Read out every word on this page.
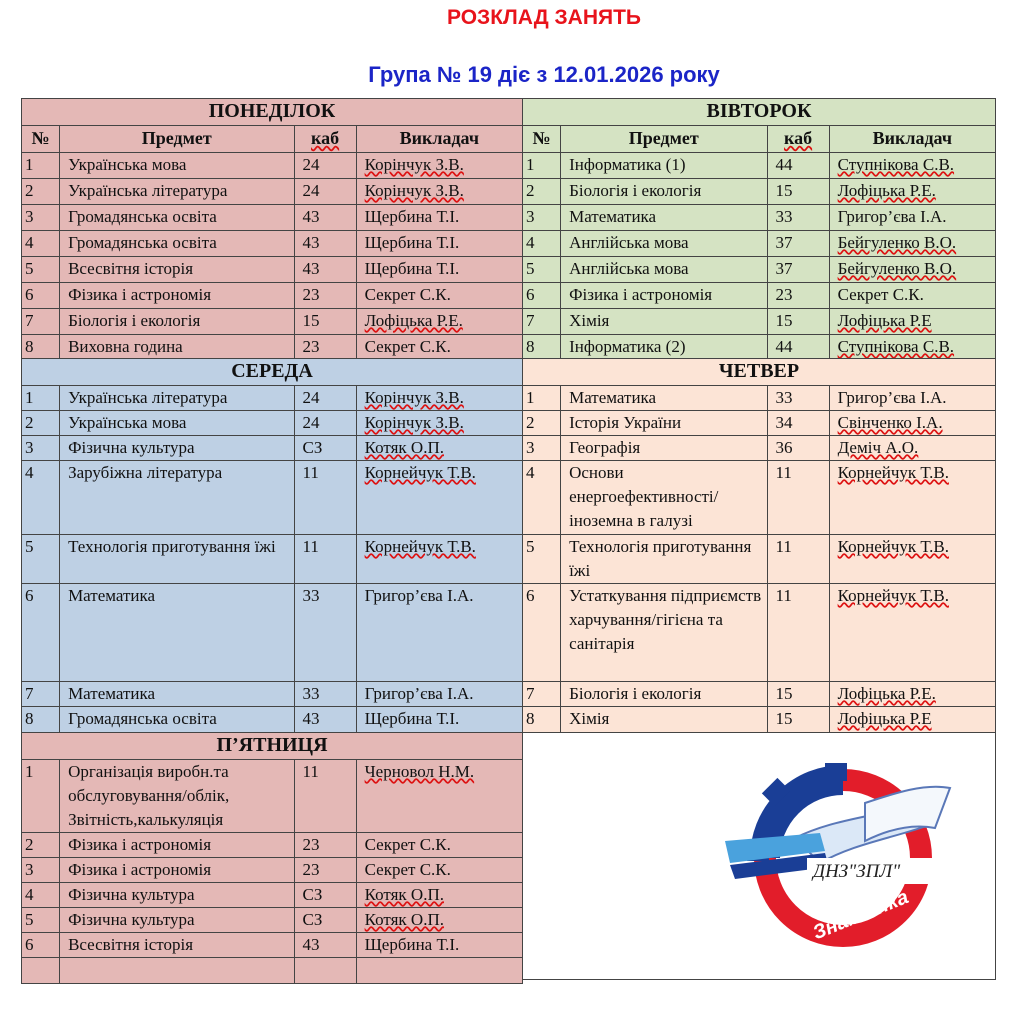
РОЗКЛАД ЗАНЯТЬ
Група № 19 діє з 12.01.2026 року
ПОНЕДІЛОК			
№	Предмет	каб	Викладач
1	Українська мова	24	Корінчук З.В.
2	Українська література	24	Корінчук З.В.
3	Громадянська освіта	43	Щербина Т.І.
4	Громадянська освіта	43	Щербина Т.І.
5	Всесвітня історія	43	Щербина Т.І.
6	Фізика і астрономія	23	Секрет С.К.
7	Біологія і екологія	15	Лофіцька Р.Е.
8	Виховна година	23	Секрет С.К.
ВІВТОРОК			
№	Предмет	каб	Викладач
1	Інформатика (1)	44	Ступнікова С.В.
2	Біологія і екологія	15	Лофіцька Р.Е.
3	Математика	33	Григор’єва І.А.
4	Англійська мова	37	Бейгуленко В.О.
5	Англійська мова	37	Бейгуленко В.О.
6	Фізика і астрономія	23	Секрет С.К.
7	Хімія	15	Лофіцька Р.Е
8	Інформатика (2)	44	Ступнікова С.В.
СЕРЕДА			
1	Українська література	24	Корінчук З.В.
2	Українська мова	24	Корінчук З.В.
3	Фізична культура	СЗ	Котяк О.П.
4	Зарубіжна література	11	Корнейчук Т.В.
5	Технологія приготування їжі	11	Корнейчук Т.В.
6	Математика	33	Григор’єва І.А.
7	Математика	33	Григор’єва І.А.
8	Громадянська освіта	43	Щербина Т.І.
ЧЕТВЕР			
1	Математика	33	Григор’єва І.А.
2	Історія України	34	Свінченко І.А.
3	Географія	36	Деміч А.О.
4	Основи енергоефективності/ іноземна в галузі	11	Корнейчук Т.В.
5	Технологія приготування їжі	11	Корнейчук Т.В.
6	Устаткування підприємств харчування/гігієна та санітарія	11	Корнейчук Т.В.
7	Біологія і екологія	15	Лофіцька Р.Е.
8	Хімія	15	Лофіцька Р.Е
П’ЯТНИЦЯ			
1	Організація виробн.та обслуговування/облік, Звітність,калькуляція	11	Черновол Н.М.
2	Фізика і астрономія	23	Секрет С.К.
3	Фізика і астрономія	23	Секрет С.К.
4	Фізична культура	СЗ	Котяк О.П.
5	Фізична культура	СЗ	Котяк О.П.
6	Всесвітня історія	43	Щербина Т.І.

ДНЗ"ЗПЛ"
Знам'янка
